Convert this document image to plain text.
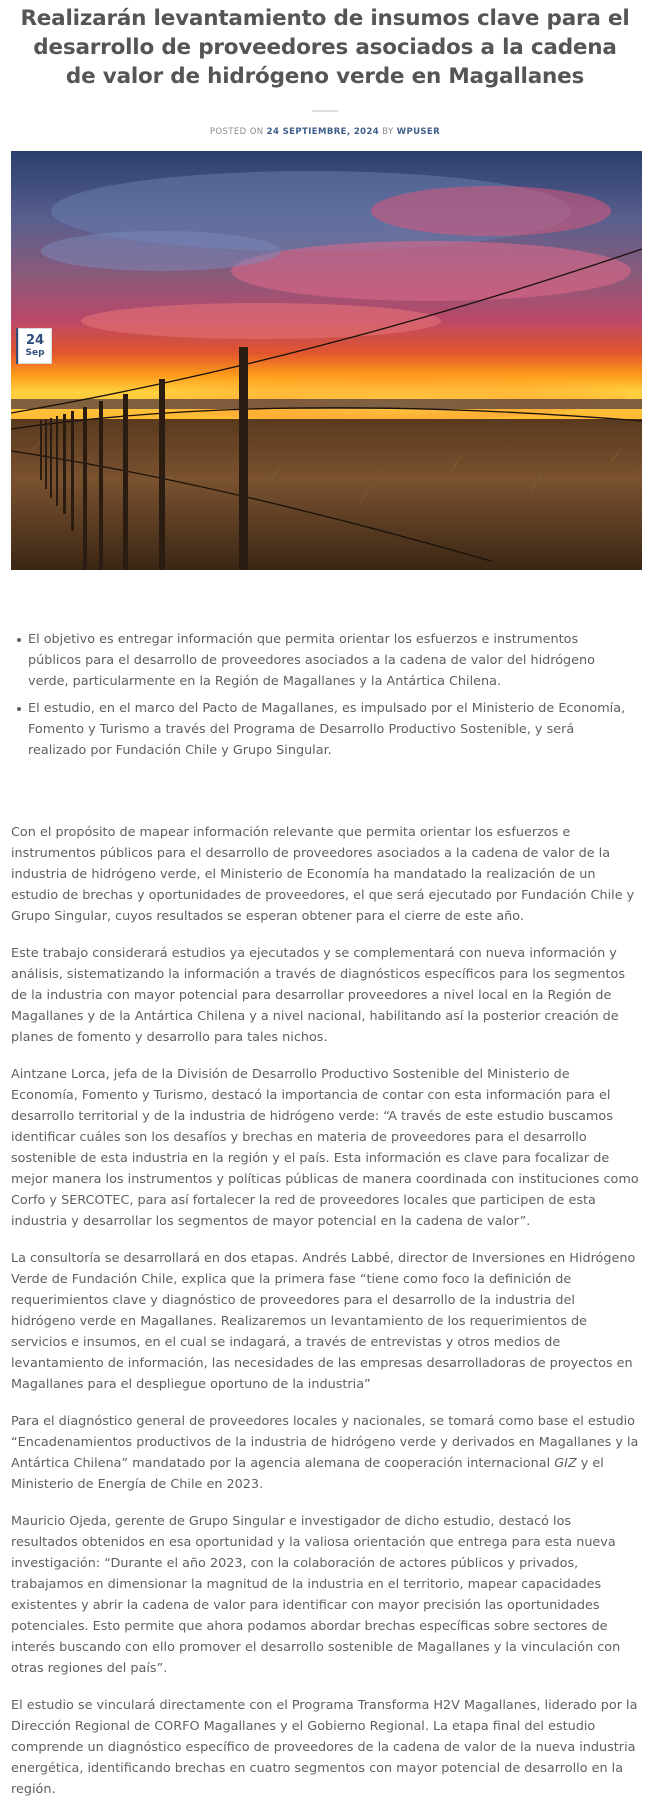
Realizarán levantamiento de insumos clave para el desarrollo de proveedores asociados a la cadena de valor de hidrógeno verde en Magallanes
POSTED ON 24 SEPTIEMBRE, 2024 BY WPUSER
24
Sep
El objetivo es entregar información que permita orientar los esfuerzos e instrumentos públicos para el desarrollo de proveedores asociados a la cadena de valor del hidrógeno verde, particularmente en la Región de Magallanes y la Antártica Chilena.
El estudio, en el marco del Pacto de Magallanes, es impulsado por el Ministerio de Economía, Fomento y Turismo a través del Programa de Desarrollo Productivo Sostenible, y será realizado por Fundación Chile y Grupo Singular.

Con el propósito de mapear información relevante que permita orientar los esfuerzos e instrumentos públicos para el desarrollo de proveedores asociados a la cadena de valor de la industria de hidrógeno verde, el Ministerio de Economía ha mandatado la realización de un estudio de brechas y oportunidades de proveedores, el que será ejecutado por Fundación Chile y Grupo Singular, cuyos resultados se esperan obtener para el cierre de este año.

Este trabajo considerará estudios ya ejecutados y se complementará con nueva información y análisis, sistematizando la información a través de diagnósticos específicos para los segmentos de la industria con mayor potencial para desarrollar proveedores a nivel local en la Región de Magallanes y de la Antártica Chilena y a nivel nacional, habilitando así la posterior creación de planes de fomento y desarrollo para tales nichos.

Aintzane Lorca, jefa de la División de Desarrollo Productivo Sostenible del Ministerio de Economía, Fomento y Turismo, destacó la importancia de contar con esta información para el desarrollo territorial y de la industria de hidrógeno verde: “A través de este estudio buscamos identificar cuáles son los desafíos y brechas en materia de proveedores para el desarrollo sostenible de esta industria en la región y el país. Esta información es clave para focalizar de mejor manera los instrumentos y políticas públicas de manera coordinada con instituciones como Corfo y SERCOTEC, para así fortalecer la red de proveedores locales que participen de esta industria y desarrollar los segmentos de mayor potencial en la cadena de valor”.

La consultoría se desarrollará en dos etapas. Andrés Labbé, director de Inversiones en Hidrógeno Verde de Fundación Chile, explica que la primera fase “tiene como foco la definición de requerimientos clave y diagnóstico de proveedores para el desarrollo de la industria del hidrógeno verde en Magallanes. Realizaremos un levantamiento de los requerimientos de servicios e insumos, en el cual se indagará, a través de entrevistas y otros medios de levantamiento de información, las necesidades de las empresas desarrolladoras de proyectos en Magallanes para el despliegue oportuno de la industria”

Para el diagnóstico general de proveedores locales y nacionales, se tomará como base el estudio “Encadenamientos productivos de la industria de hidrógeno verde y derivados en Magallanes y la Antártica Chilena” mandatado por la agencia alemana de cooperación internacional GIZ y el Ministerio de Energía de Chile en 2023.

Mauricio Ojeda, gerente de Grupo Singular e investigador de dicho estudio, destacó los resultados obtenidos en esa oportunidad y la valiosa orientación que entrega para esta nueva investigación: “Durante el año 2023, con la colaboración de actores públicos y privados, trabajamos en dimensionar la magnitud de la industria en el territorio, mapear capacidades existentes y abrir la cadena de valor para identificar con mayor precisión las oportunidades potenciales. Esto permite que ahora podamos abordar brechas específicas sobre sectores de interés buscando con ello promover el desarrollo sostenible de Magallanes y la vinculación con otras regiones del país”.

El estudio se vinculará directamente con el Programa Transforma H2V Magallanes, liderado por la Dirección Regional de CORFO Magallanes y el Gobierno Regional. La etapa final del estudio comprende un diagnóstico específico de proveedores de la cadena de valor de la nueva industria energética, identificando brechas en cuatro segmentos con mayor potencial de desarrollo en la región.
